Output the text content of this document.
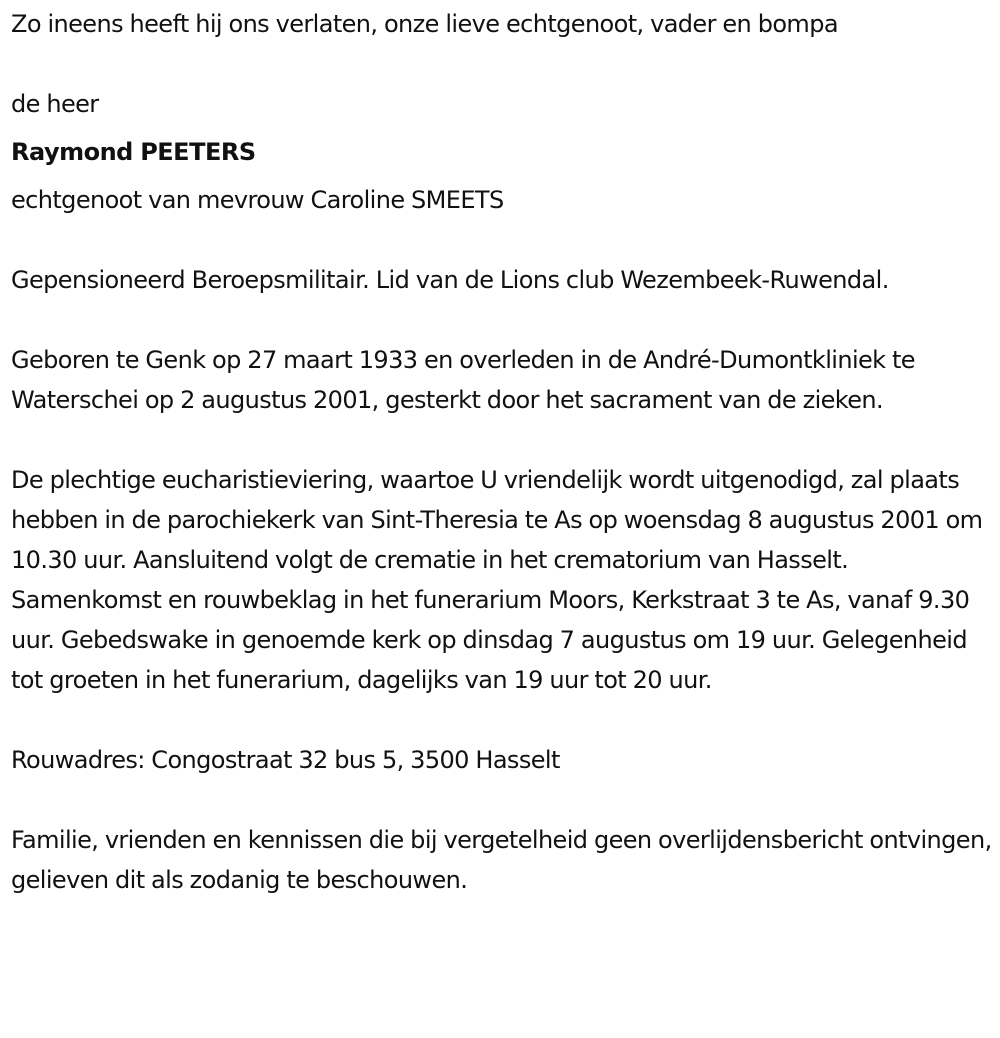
Zo ineens heeft hij ons verlaten, onze lieve echtgenoot, vader en bompa

de heer

Raymond PEETERS

echtgenoot van mevrouw Caroline SMEETS

Gepensioneerd Beroepsmilitair. Lid van de Lions club Wezembeek-Ruwendal.

Geboren te Genk op 27 maart 1933 en overleden in de André-Dumontkliniek te Waterschei op 2 augustus 2001, gesterkt door het sacrament van de zieken.

De plechtige eucharistieviering, waartoe U vriendelijk wordt uitgenodigd, zal plaats hebben in de parochiekerk van Sint-Theresia te As op woensdag 8 augustus 2001 om 10.30 uur. Aansluitend volgt de crematie in het crematorium van Hasselt. Samenkomst en rouwbeklag in het funerarium Moors, Kerkstraat 3 te As, vanaf 9.30 uur. Gebedswake in genoemde kerk op dinsdag 7 augustus om 19 uur. Gelegenheid tot groeten in het funerarium, dagelijks van 19 uur tot 20 uur.

Rouwadres: Congostraat 32 bus 5, 3500 Hasselt

Familie, vrienden en kennissen die bij vergetelheid geen overlijdensbericht ontvingen, gelieven dit als zodanig te beschouwen.
